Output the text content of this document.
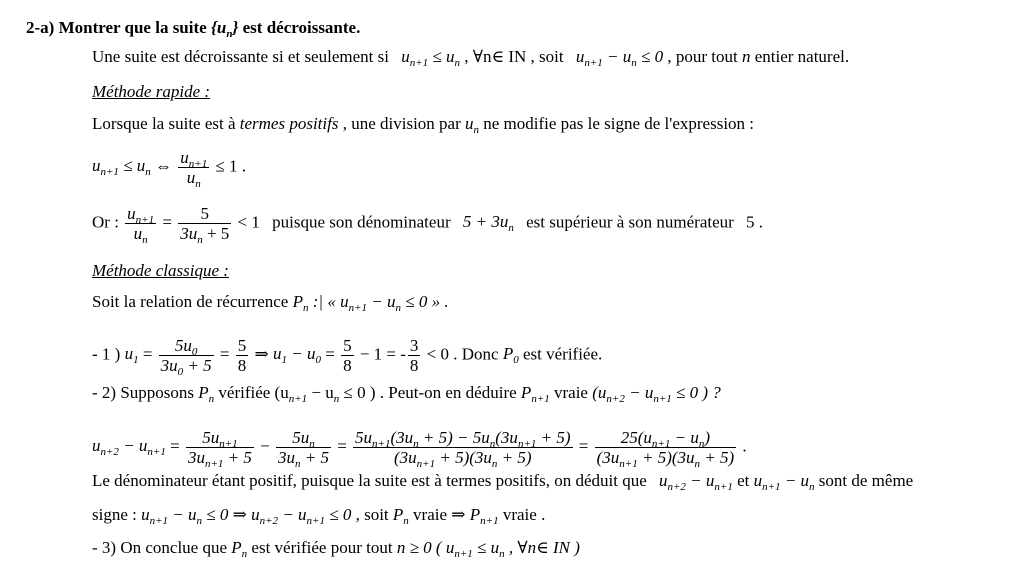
2-a) Montrer que la suite $\{u_n\}$ est décroissante.
Une suite est décroissante si et seulement si $u_{n+1} \le u_n$ , ∀n∈ IN , soit $u_{n+1} - u_n \le 0$ , pour tout n entier naturel.
Méthode rapide :
Lorsque la suite est à termes positifs , une division par $u_n$ ne modifie pas le signe de l'expression :
$u_{n+1} \le u_n$ ⇔ $\frac{u_{n+1}}{u_n} \le 1$ .
Or : $\frac{u_{n+1}}{u_n} = \frac{5}{3u_n + 5} < 1$ puisque son dénominateur $5 + 3u_n$ est supérieur à son numérateur 5 .
Méthode classique :
Soit la relation de récurrence $P_n$ :| « $u_{n+1} - u_n \le 0$ » .
- 1 ) $u_1 = \frac{5u_0}{3u_0 + 5} = \frac{5}{8}$ ⇒ $u_1 - u_0 = \frac{5}{8} - 1$ = - $\frac{3}{8} < 0$ . Donc $P_0$ est vérifiée.
- 2) Supposons $P_n$ vérifiée ($u_{n+1} - u_n \le 0$ ) . Peut-on en déduire $P_{n+1}$ vraie ($u_{n+2} - u_{n+1} \le 0$ ) ?
$u_{n+2} - u_{n+1} = \frac{5u_{n+1}}{3u_{n+1} + 5} - \frac{5u_n}{3u_n + 5} = \frac{5u_{n+1}(3u_n + 5) - 5u_n(3u_{n+1} + 5)}{(3u_{n+1} + 5)(3u_n + 5)} = \frac{25(u_{n+1} - u_n)}{(3u_{n+1} + 5)(3u_n + 5)}$ .
Le dénominateur étant positif, puisque la suite est à termes positifs, on déduit que $u_{n+2} - u_{n+1}$ et $u_{n+1} - u_n$ sont de même
signe : $u_{n+1} - u_n \le 0$ ⇒ $u_{n+2} - u_{n+1} \le 0$ , soit $P_n$ vraie ⇒ $P_{n+1}$ vraie .
- 3) On conclue que $P_n$ est vérifiée pour tout n ≥ 0 ( $u_{n+1} \le u_n$ , ∀n∈ IN )
